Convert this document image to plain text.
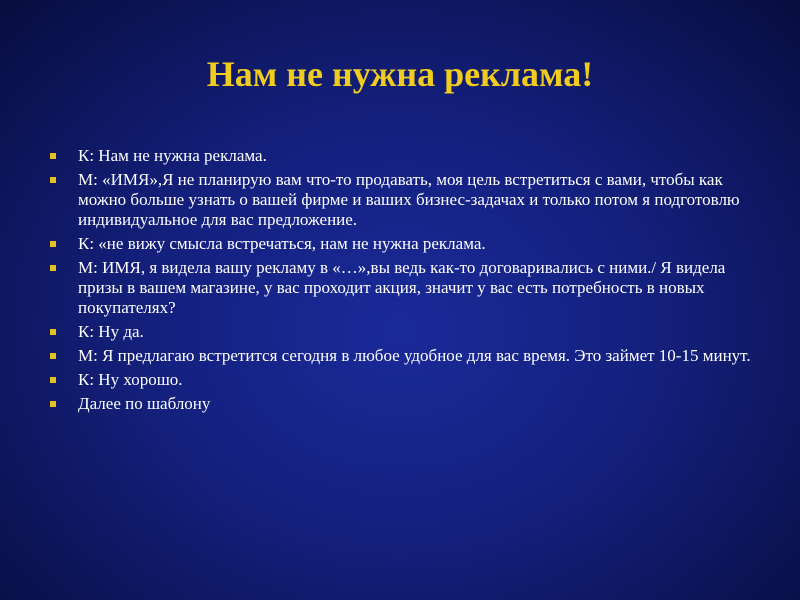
Нам не нужна реклама!
К: Нам не нужна реклама.
М: «ИМЯ»,Я не планирую вам что-то продавать, моя цель встретиться с вами, чтобы как можно больше узнать о вашей фирме и ваших бизнес-задачах и только потом я подготовлю индивидуальное для вас предложение.
К: «не вижу смысла встречаться, нам не нужна реклама.
М: ИМЯ, я видела вашу рекламу в «…»,вы ведь как-то договаривались с ними./ Я видела призы в вашем магазине, у вас проходит акция, значит у вас есть потребность в новых покупателях?
К: Ну да.
М: Я предлагаю встретится сегодня в любое удобное для вас время. Это займет 10-15 минут.
К: Ну хорошо.
Далее по шаблону
